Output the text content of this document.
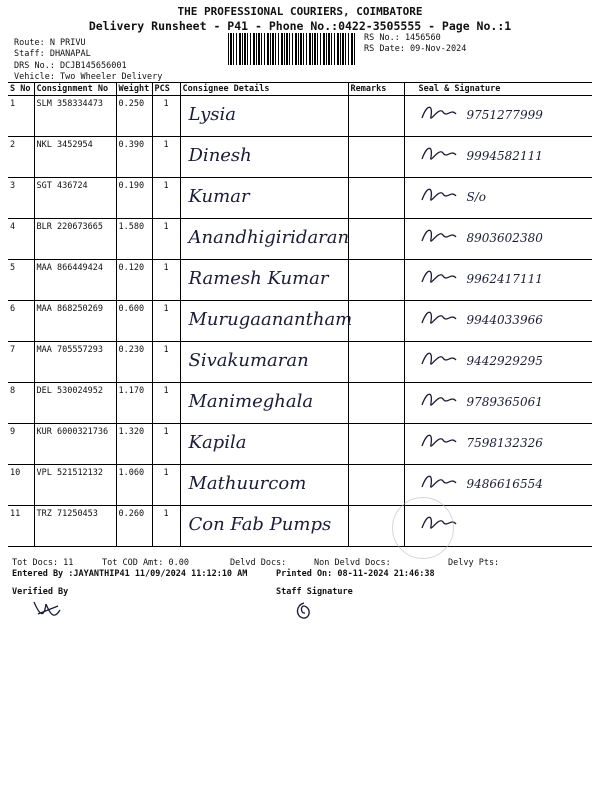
THE PROFESSIONAL COURIERS, COIMBATORE
Delivery Runsheet - P41 - Phone No.:0422-3505555 - Page No.:1
Route: N PRIVU
Staff: DHANAPAL
DRS No.: DCJB145656001
Vehicle: Two Wheeler Delivery
RS No.: 1456560
RS Date: 09-Nov-2024
S No	Consignment No	Weight	PCS	Consignee Details	Remarks	Seal & Signature
1	SLM 358334473	0.250	1	Lysia		9751277999

2	NKL 3452954	0.390	1	Dinesh		9994582111

3	SGT 436724	0.190	1	Kumar		S/o

4	BLR 220673665	1.580	1	Anandhigiridaran		8903602380

5	MAA 866449424	0.120	1	Ramesh Kumar		9962417111

6	MAA 868250269	0.600	1	Murugaanantham		9944033966

7	MAA 705557293	0.230	1	Sivakumaran		9442929295

8	DEL 530024952	1.170	1	Manimeghala		9789365061

9	KUR 6000321736	1.320	1	Kapila		7598132326

10	VPL 521512132	1.060	1	Mathuurcom		9486616554

11	TRZ 71250453	0.260	1	Con Fab Pumps

Tot Docs: 11	Tot COD Amt: 0.00	Delvd Docs:	Non Delvd Docs:	Delvy Pts:
Entered By :JAYANTHIP41 11/09/2024 11:12:10 AM	Printed On: 08-11-2024 21:46:38
Verified By	Staff Signature
